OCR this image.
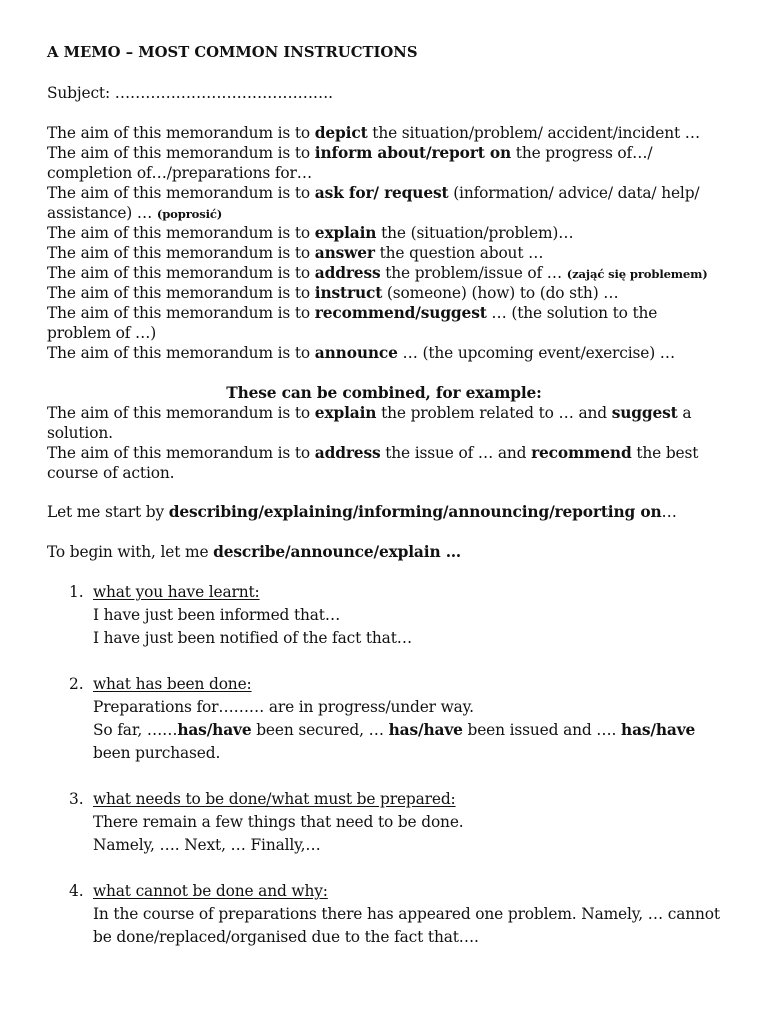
A MEMO – MOST COMMON INSTRUCTIONS
Subject: …………………………………….
The aim of this memorandum is to depict the situation/problem/ accident/incident …
The aim of this memorandum is to inform about/report on the progress of…/
completion of…/preparations for…
The aim of this memorandum is to ask for/ request (information/ advice/ data/ help/
assistance) … (poprosić)
The aim of this memorandum is to explain the (situation/problem)…
The aim of this memorandum is to answer the question about …
The aim of this memorandum is to address the problem/issue of … (zająć się problemem)
The aim of this memorandum is to instruct (someone) (how) to (do sth) …
The aim of this memorandum is to recommend/suggest … (the solution to the
problem of …)
The aim of this memorandum is to announce … (the upcoming event/exercise) …
These can be combined, for example:
The aim of this memorandum is to explain the problem related to … and suggest a
solution.
The aim of this memorandum is to address the issue of … and recommend the best
course of action.
Let me start by describing/explaining/informing/announcing/reporting on…
To begin with, let me describe/announce/explain …
1. what you have learnt:
I have just been informed that…
I have just been notified of the fact that…
2. what has been done:
Preparations for……… are in progress/under way.
So far, ……has/have been secured, … has/have been issued and …. has/have
been purchased.
3. what needs to be done/what must be prepared:
There remain a few things that need to be done.
Namely, …. Next, … Finally,…
4. what cannot be done and why:
In the course of preparations there has appeared one problem. Namely, … cannot
be done/replaced/organised due to the fact that….
